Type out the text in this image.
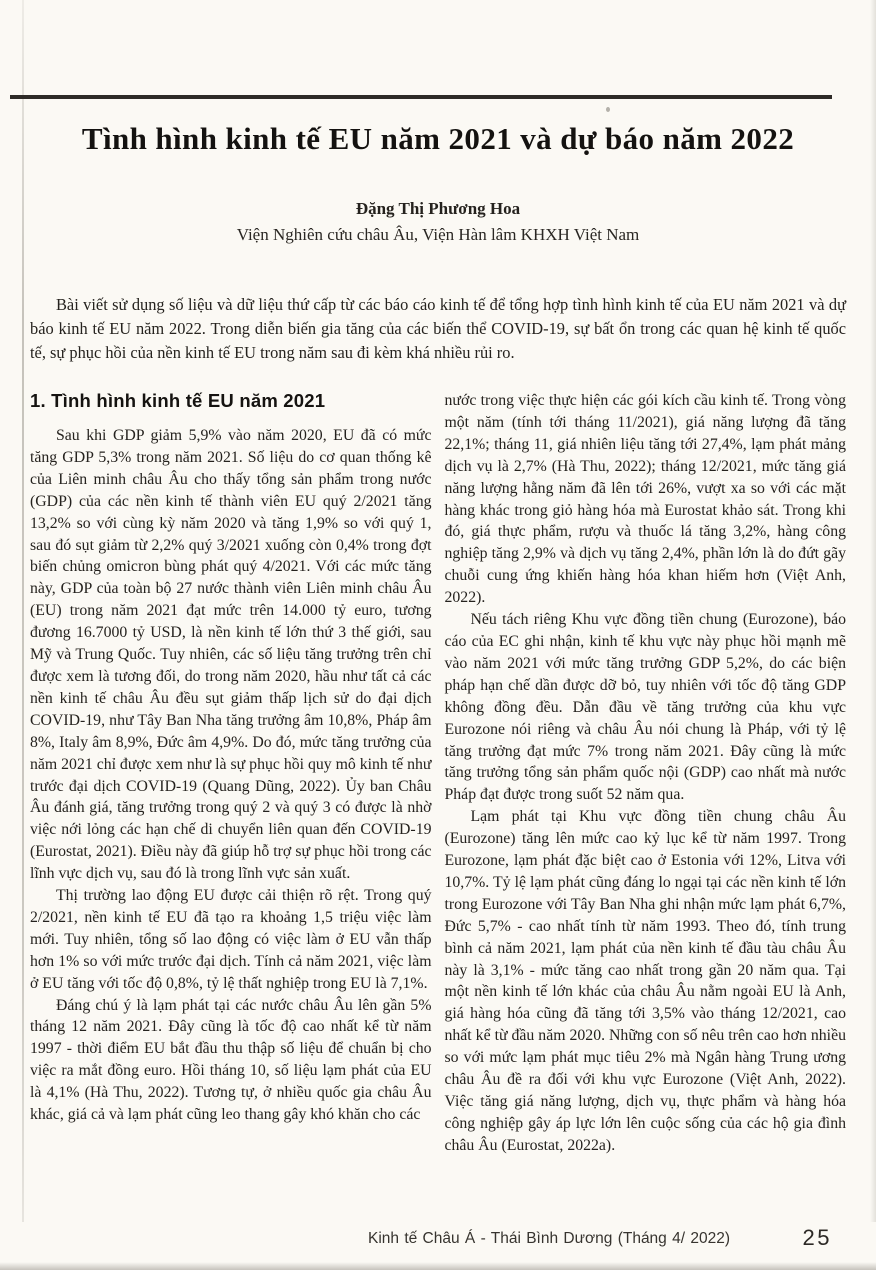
Tình hình kinh tế EU năm 2021 và dự báo năm 2022
Đặng Thị Phương Hoa
Viện Nghiên cứu châu Âu, Viện Hàn lâm KHXH Việt Nam

Bài viết sử dụng số liệu và dữ liệu thứ cấp từ các báo cáo kinh tế để tổng hợp tình hình kinh tế của EU năm 2021 và dự báo kinh tế EU năm 2022. Trong diễn biến gia tăng của các biến thể COVID-19, sự bất ổn trong các quan hệ kinh tế quốc tế, sự phục hồi của nền kinh tế EU trong năm sau đi kèm khá nhiều rủi ro.

1. Tình hình kinh tế EU năm 2021

Sau khi GDP giảm 5,9% vào năm 2020, EU đã có mức tăng GDP 5,3% trong năm 2021. Số liệu do cơ quan thống kê của Liên minh châu Âu cho thấy tổng sản phẩm trong nước (GDP) của các nền kinh tế thành viên EU quý 2/2021 tăng 13,2% so với cùng kỳ năm 2020 và tăng 1,9% so với quý 1, sau đó sụt giảm từ 2,2% quý 3/2021 xuống còn 0,4% trong đợt biến chủng omicron bùng phát quý 4/2021. Với các mức tăng này, GDP của toàn bộ 27 nước thành viên Liên minh châu Âu (EU) trong năm 2021 đạt mức trên 14.000 tỷ euro, tương đương 16.7000 tỷ USD, là nền kinh tế lớn thứ 3 thế giới, sau Mỹ và Trung Quốc. Tuy nhiên, các số liệu tăng trưởng trên chỉ được xem là tương đối, do trong năm 2020, hầu như tất cả các nền kinh tế châu Âu đều sụt giảm thấp lịch sử do đại dịch COVID-19, như Tây Ban Nha tăng trưởng âm 10,8%, Pháp âm 8%, Italy âm 8,9%, Đức âm 4,9%. Do đó, mức tăng trưởng của năm 2021 chỉ được xem như là sự phục hồi quy mô kinh tế như trước đại dịch COVID-19 (Quang Dũng, 2022). Ủy ban Châu Âu đánh giá, tăng trưởng trong quý 2 và quý 3 có được là nhờ việc nới lỏng các hạn chế di chuyển liên quan đến COVID-19 (Eurostat, 2021). Điều này đã giúp hỗ trợ sự phục hồi trong các lĩnh vực dịch vụ, sau đó là trong lĩnh vực sản xuất.

Thị trường lao động EU được cải thiện rõ rệt. Trong quý 2/2021, nền kinh tế EU đã tạo ra khoảng 1,5 triệu việc làm mới. Tuy nhiên, tổng số lao động có việc làm ở EU vẫn thấp hơn 1% so với mức trước đại dịch. Tính cả năm 2021, việc làm ở EU tăng với tốc độ 0,8%, tỷ lệ thất nghiệp trong EU là 7,1%.

Đáng chú ý là lạm phát tại các nước châu Âu lên gần 5% tháng 12 năm 2021. Đây cũng là tốc độ cao nhất kể từ năm 1997 - thời điểm EU bắt đầu thu thập số liệu để chuẩn bị cho việc ra mắt đồng euro. Hồi tháng 10, số liệu lạm phát của EU là 4,1% (Hà Thu, 2022). Tương tự, ở nhiều quốc gia châu Âu khác, giá cả và lạm phát cũng leo thang gây khó khăn cho các

nước trong việc thực hiện các gói kích cầu kinh tế. Trong vòng một năm (tính tới tháng 11/2021), giá năng lượng đã tăng 22,1%; tháng 11, giá nhiên liệu tăng tới 27,4%, lạm phát mảng dịch vụ là 2,7% (Hà Thu, 2022); tháng 12/2021, mức tăng giá năng lượng hằng năm đã lên tới 26%, vượt xa so với các mặt hàng khác trong giỏ hàng hóa mà Eurostat khảo sát. Trong khi đó, giá thực phẩm, rượu và thuốc lá tăng 3,2%, hàng công nghiệp tăng 2,9% và dịch vụ tăng 2,4%, phần lớn là do đứt gãy chuỗi cung ứng khiến hàng hóa khan hiếm hơn (Việt Anh, 2022).

Nếu tách riêng Khu vực đồng tiền chung (Eurozone), báo cáo của EC ghi nhận, kinh tế khu vực này phục hồi mạnh mẽ vào năm 2021 với mức tăng trưởng GDP 5,2%, do các biện pháp hạn chế dần được dỡ bỏ, tuy nhiên với tốc độ tăng GDP không đồng đều. Dẫn đầu về tăng trưởng của khu vực Eurozone nói riêng và châu Âu nói chung là Pháp, với tỷ lệ tăng trưởng đạt mức 7% trong năm 2021. Đây cũng là mức tăng trưởng tổng sản phẩm quốc nội (GDP) cao nhất mà nước Pháp đạt được trong suốt 52 năm qua.

Lạm phát tại Khu vực đồng tiền chung châu Âu (Eurozone) tăng lên mức cao kỷ lục kể từ năm 1997. Trong Eurozone, lạm phát đặc biệt cao ở Estonia với 12%, Litva với 10,7%. Tỷ lệ lạm phát cũng đáng lo ngại tại các nền kinh tế lớn trong Eurozone với Tây Ban Nha ghi nhận mức lạm phát 6,7%, Đức 5,7% - cao nhất tính từ năm 1993. Theo đó, tính trung bình cả năm 2021, lạm phát của nền kinh tế đầu tàu châu Âu này là 3,1% - mức tăng cao nhất trong gần 20 năm qua. Tại một nền kinh tế lớn khác của châu Âu nằm ngoài EU là Anh, giá hàng hóa cũng đã tăng tới 3,5% vào tháng 12/2021, cao nhất kể từ đầu năm 2020. Những con số nêu trên cao hơn nhiều so với mức lạm phát mục tiêu 2% mà Ngân hàng Trung ương châu Âu đề ra đối với khu vực Eurozone (Việt Anh, 2022). Việc tăng giá năng lượng, dịch vụ, thực phẩm và hàng hóa công nghiệp gây áp lực lớn lên cuộc sống của các hộ gia đình châu Âu (Eurostat, 2022a).

Kinh tế Châu Á - Thái Bình Dương (Tháng 4/ 2022)	25
